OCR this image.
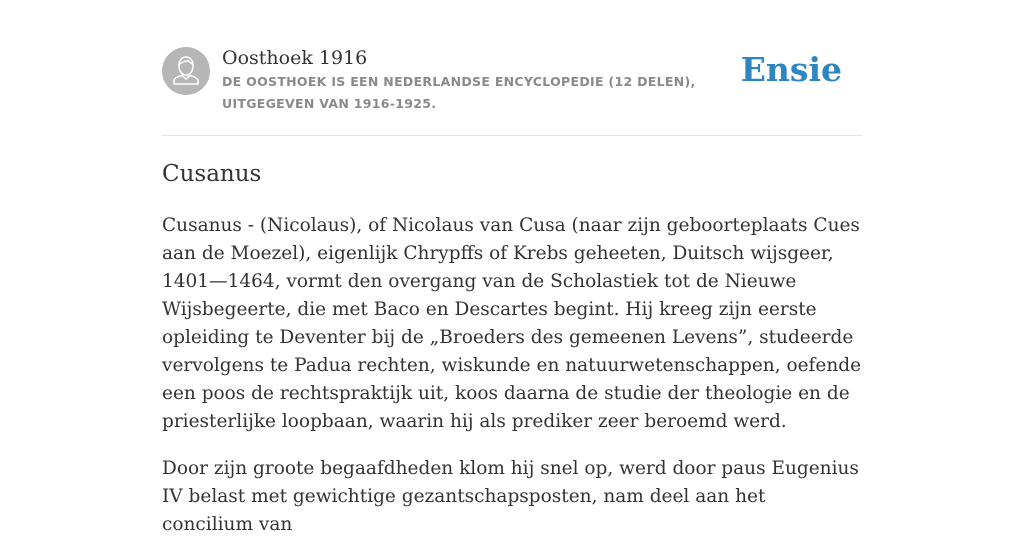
Oosthoek 1916
DE OOSTHOEK IS EEN NEDERLANDSE ENCYCLOPEDIE (12 DELEN), UITGEGEVEN VAN 1916-1925.
Ensie
Cusanus

Cusanus - (Nicolaus), of Nicolaus van Cusa (naar zijn geboorteplaats Cues aan de Moezel), eigenlijk Chrypffs of Krebs geheeten, Duitsch wijsgeer, 1401—1464, vormt den overgang van de Scholastiek tot de Nieuwe Wijsbegeerte, die met Baco en Descartes begint. Hij kreeg zijn eerste opleiding te Deventer bij de „Broeders des gemeenen Levens”, studeerde vervolgens te Padua rechten, wiskunde en natuurwetenschappen, oefende een poos de rechtspraktijk uit, koos daarna de studie der theologie en de priesterlijke loopbaan, waarin hij als prediker zeer beroemd werd.

Door zijn groote begaafdheden klom hij snel op, werd door paus Eugenius IV belast met gewichtige gezantschapsposten, nam deel aan het concilium van
